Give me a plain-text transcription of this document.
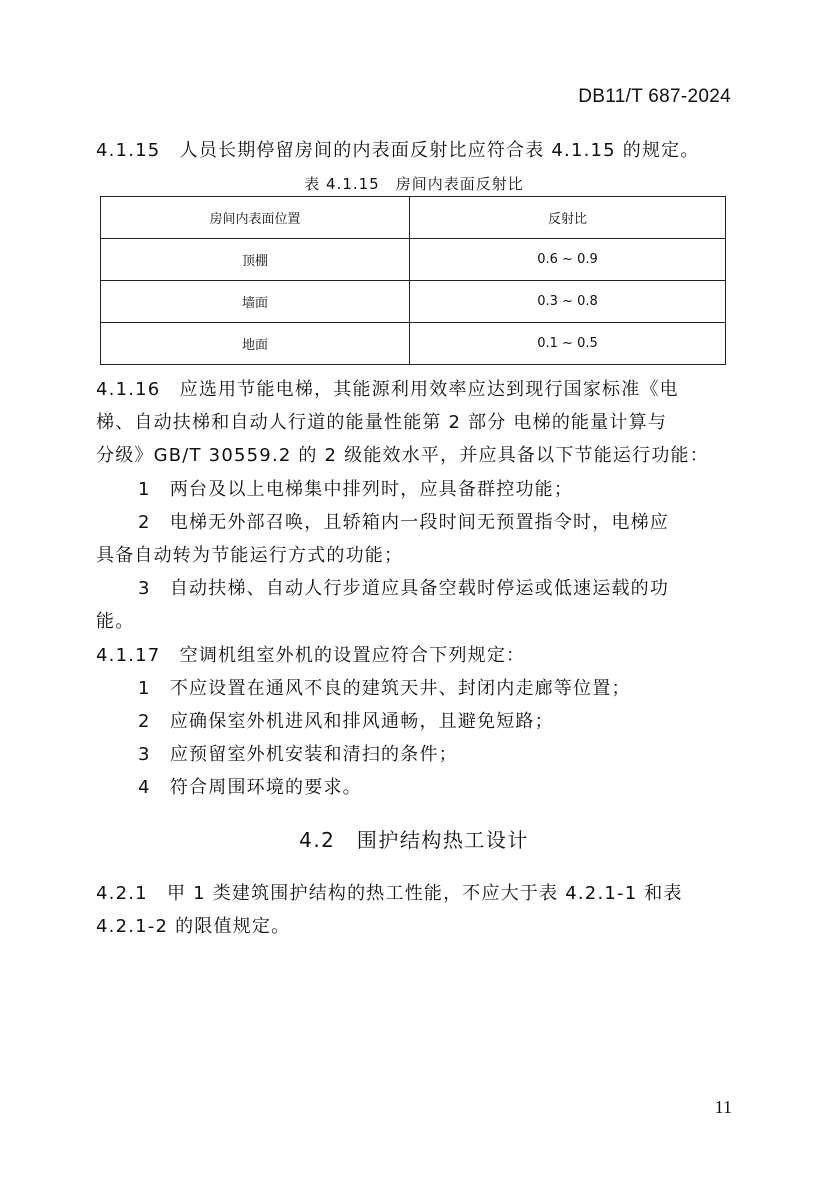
DB11/T 687-2024
4.1.15　人员长期停留房间的内表面反射比应符合表 4.1.15 的规定。
表 4.1.15　房间内表面反射比
房间内表面位置	反射比
顶棚	0.6 ~ 0.9
墙面	0.3 ~ 0.8
地面	0.1 ~ 0.5
4.1.16　应选用节能电梯，其能源利用效率应达到现行国家标准《电
梯、自动扶梯和自动人行道的能量性能第 2 部分 电梯的能量计算与
分级》GB/T 30559.2 的 2 级能效水平，并应具备以下节能运行功能：
1　两台及以上电梯集中排列时，应具备群控功能；
2　电梯无外部召唤，且轿箱内一段时间无预置指令时，电梯应
具备自动转为节能运行方式的功能；
3　自动扶梯、自动人行步道应具备空载时停运或低速运载的功
能。
4.1.17　空调机组室外机的设置应符合下列规定：
1　不应设置在通风不良的建筑天井、封闭内走廊等位置；
2　应确保室外机进风和排风通畅，且避免短路；
3　应预留室外机安装和清扫的条件；
4　符合周围环境的要求。
4.2　围护结构热工设计
4.2.1　甲 1 类建筑围护结构的热工性能，不应大于表 4.2.1-1 和表
4.2.1-2 的限值规定。
11
